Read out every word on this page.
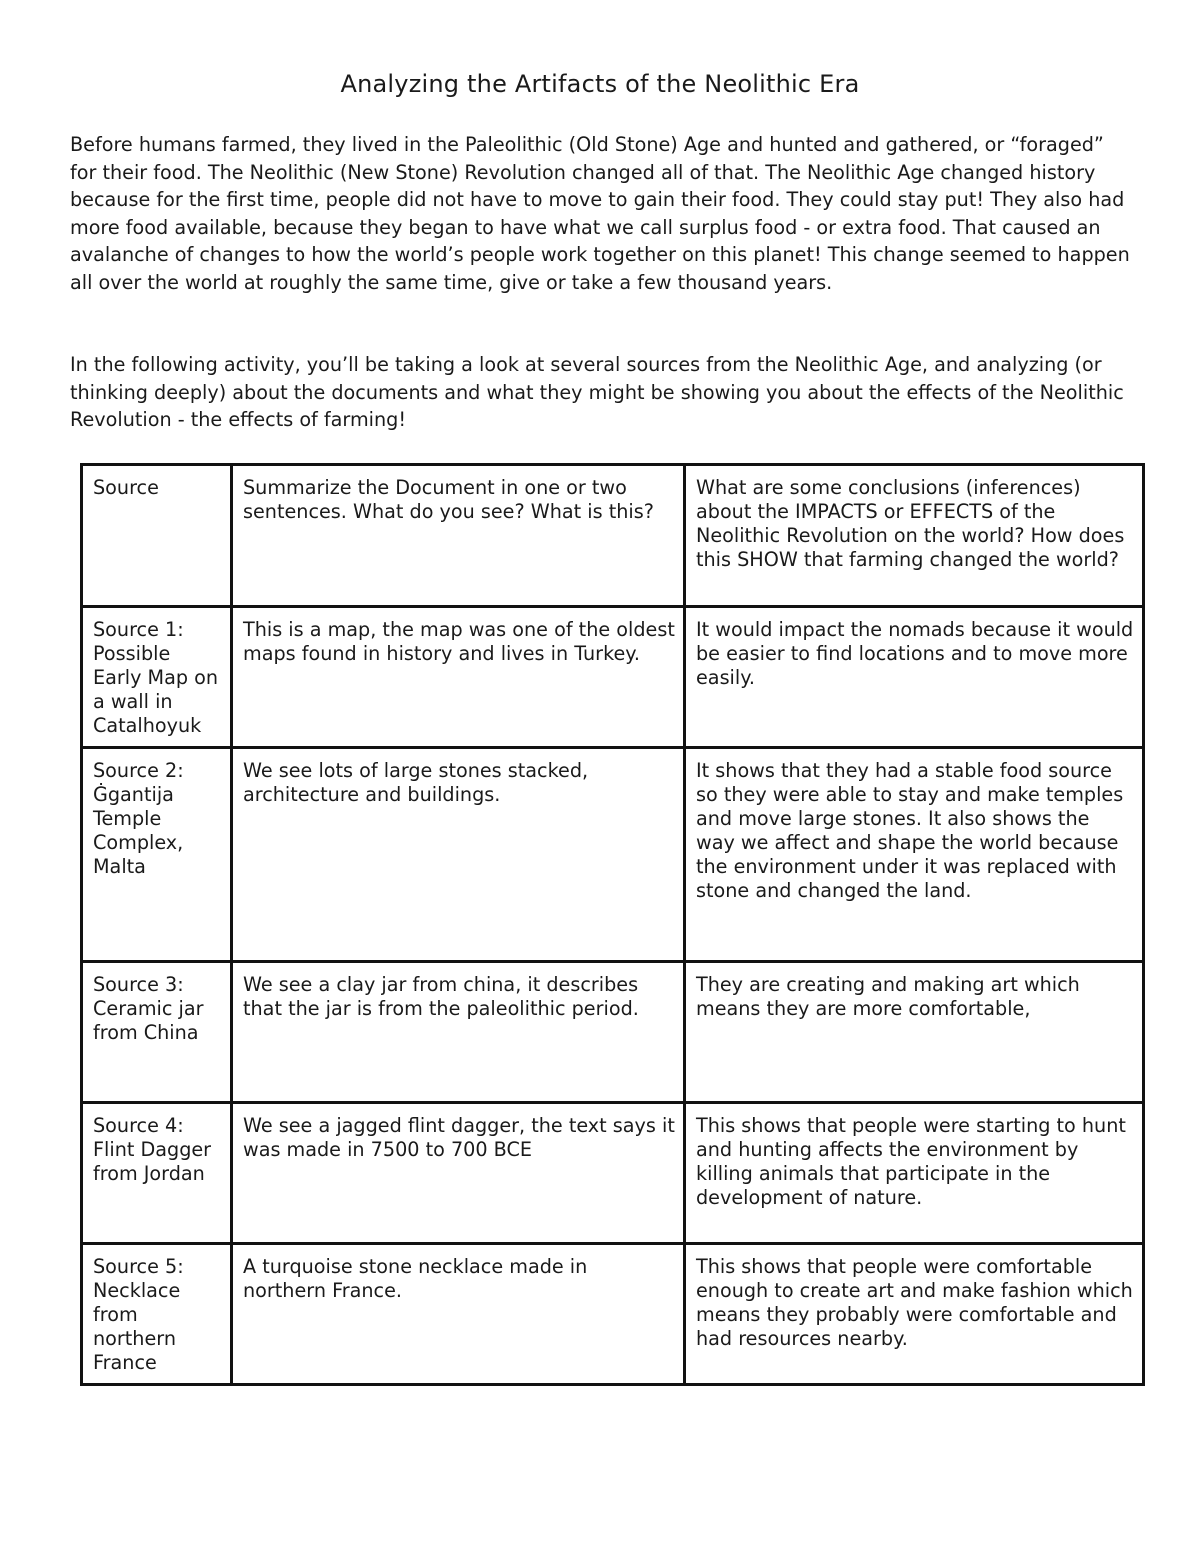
Analyzing the Artifacts of the Neolithic Era

Before humans farmed, they lived in the Paleolithic (Old Stone) Age and hunted and gathered, or “foraged” for their food. The Neolithic (New Stone) Revolution changed all of that. The Neolithic Age changed history because for the first time, people did not have to move to gain their food. They could stay put! They also had more food available, because they began to have what we call surplus food - or extra food. That caused an avalanche of changes to how the world’s people work together on this planet! This change seemed to happen all over the world at roughly the same time, give or take a few thousand years.

In the following activity, you’ll be taking a look at several sources from the Neolithic Age, and analyzing (or thinking deeply) about the documents and what they might be showing you about the effects of the Neolithic Revolution - the effects of farming!

Source	Summarize the Document in one or two sentences. What do you see? What is this?	What are some conclusions (inferences) about the IMPACTS or EFFECTS of the Neolithic Revolution on the world? How does this SHOW that farming changed the world?
Source 1: Possible Early Map on a wall in Catalhoyuk	This is a map, the map was one of the oldest maps found in history and lives in Turkey.	It would impact the nomads because it would be easier to find locations and to move more easily.
Source 2: Ġgantija Temple Complex, Malta	We see lots of large stones stacked, architecture and buildings.	It shows that they had a stable food source so they were able to stay and make temples and move large stones. It also shows the way we affect and shape the world because the environment under it was replaced with stone and changed the land.
Source 3: Ceramic jar from China	We see a clay jar from china, it describes that the jar is from the paleolithic period.	They are creating and making art which means they are more comfortable,
Source 4: Flint Dagger from Jordan	We see a jagged flint dagger, the text says it was made in 7500 to 700 BCE	This shows that people were starting to hunt and hunting affects the environment by killing animals that participate in the development of nature.
Source 5: Necklace from northern France	A turquoise stone necklace made in northern France.	This shows that people were comfortable enough to create art and make fashion which means they probably were comfortable and had resources nearby.
